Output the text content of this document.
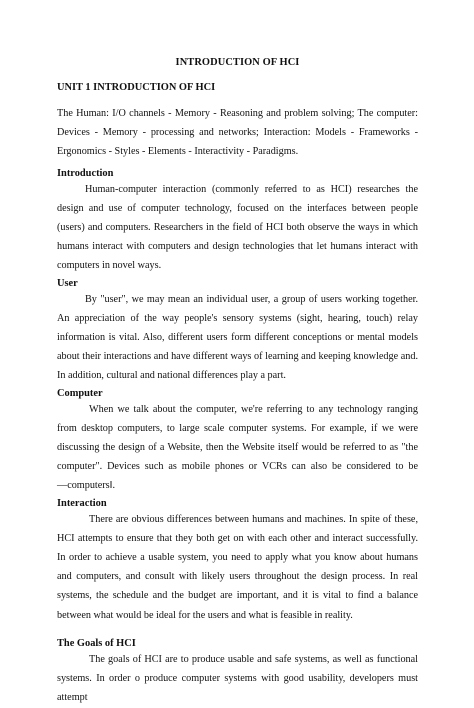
INTRODUCTION OF HCI
UNIT 1 INTRODUCTION OF HCI

The Human: I/O channels - Memory - Reasoning and problem solving; The computer: Devices - Memory - processing and networks; Interaction: Models - Frameworks - Ergonomics - Styles - Elements - Interactivity - Paradigms.

Introduction

Human-computer interaction (commonly referred to as HCI) researches the design and use of computer technology, focused on the interfaces between people (users) and computers. Researchers in the field of HCI both observe the ways in which humans interact with computers and design technologies that let humans interact with computers in novel ways.

User

By "user", we may mean an individual user, a group of users working together. An appreciation of the way people's sensory systems (sight, hearing, touch) relay information is vital. Also, different users form different conceptions or mental models about their interactions and have different ways of learning and keeping knowledge and. In addition, cultural and national differences play a part.

Computer

When we talk about the computer, we're referring to any technology ranging from desktop computers, to large scale computer systems. For example, if we were discussing the design of a Website, then the Website itself would be referred to as "the computer". Devices such as mobile phones or VCRs can also be considered to be ―computers‖.

Interaction

There are obvious differences between humans and machines. In spite of these, HCI attempts to ensure that they both get on with each other and interact successfully. In order to achieve a usable system, you need to apply what you know about humans and computers, and consult with likely users throughout the design process. In real systems, the schedule and the budget are important, and it is vital to find a balance between what would be ideal for the users and what is feasible in reality.

The Goals of HCI

The goals of HCI are to produce usable and safe systems, as well as functional systems. In order o produce computer systems with good usability, developers must attempt
